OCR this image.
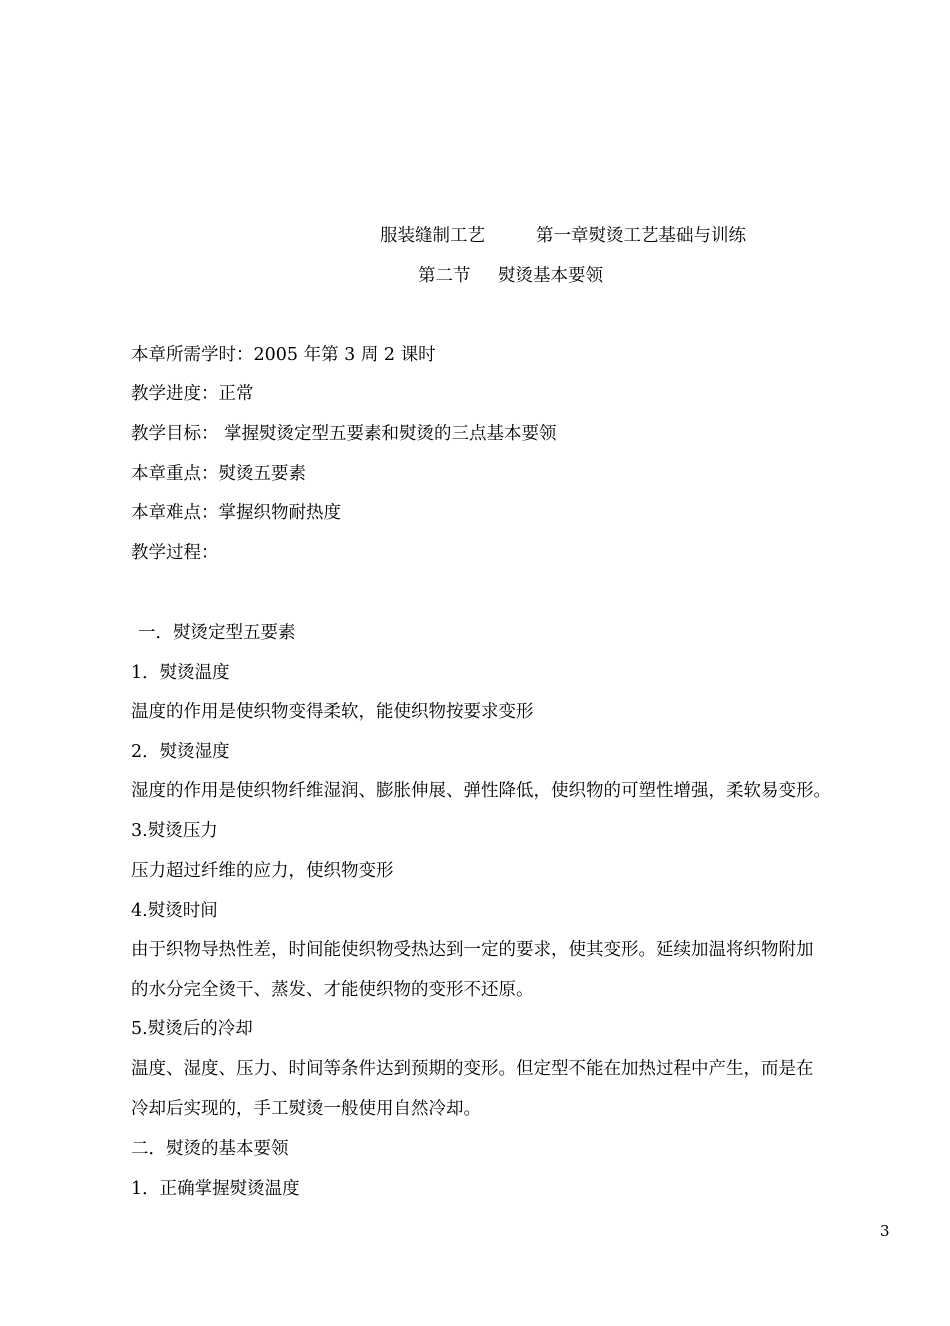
服装缝制工艺	第一章熨烫工艺基础与训练
第二节 熨烫基本要领
本章所需学时：2005 年第 3 周 2 课时
教学进度：正常
教学目标： 掌握熨烫定型五要素和熨烫的三点基本要领
本章重点：熨烫五要素
本章难点：掌握织物耐热度
教学过程：
一．熨烫定型五要素
1．熨烫温度
温度的作用是使织物变得柔软，能使织物按要求变形
2．熨烫湿度
湿度的作用是使织物纤维湿润、膨胀伸展、弹性降低，使织物的可塑性增强，柔软易变形。
3.熨烫压力
压力超过纤维的应力，使织物变形
4.熨烫时间
由于织物导热性差，时间能使织物受热达到一定的要求，使其变形。延续加温将织物附加
的水分完全烫干、蒸发、才能使织物的变形不还原。
5.熨烫后的冷却
温度、湿度、压力、时间等条件达到预期的变形。但定型不能在加热过程中产生，而是在
冷却后实现的，手工熨烫一般使用自然冷却。
二．熨烫的基本要领
1．正确掌握熨烫温度
3
